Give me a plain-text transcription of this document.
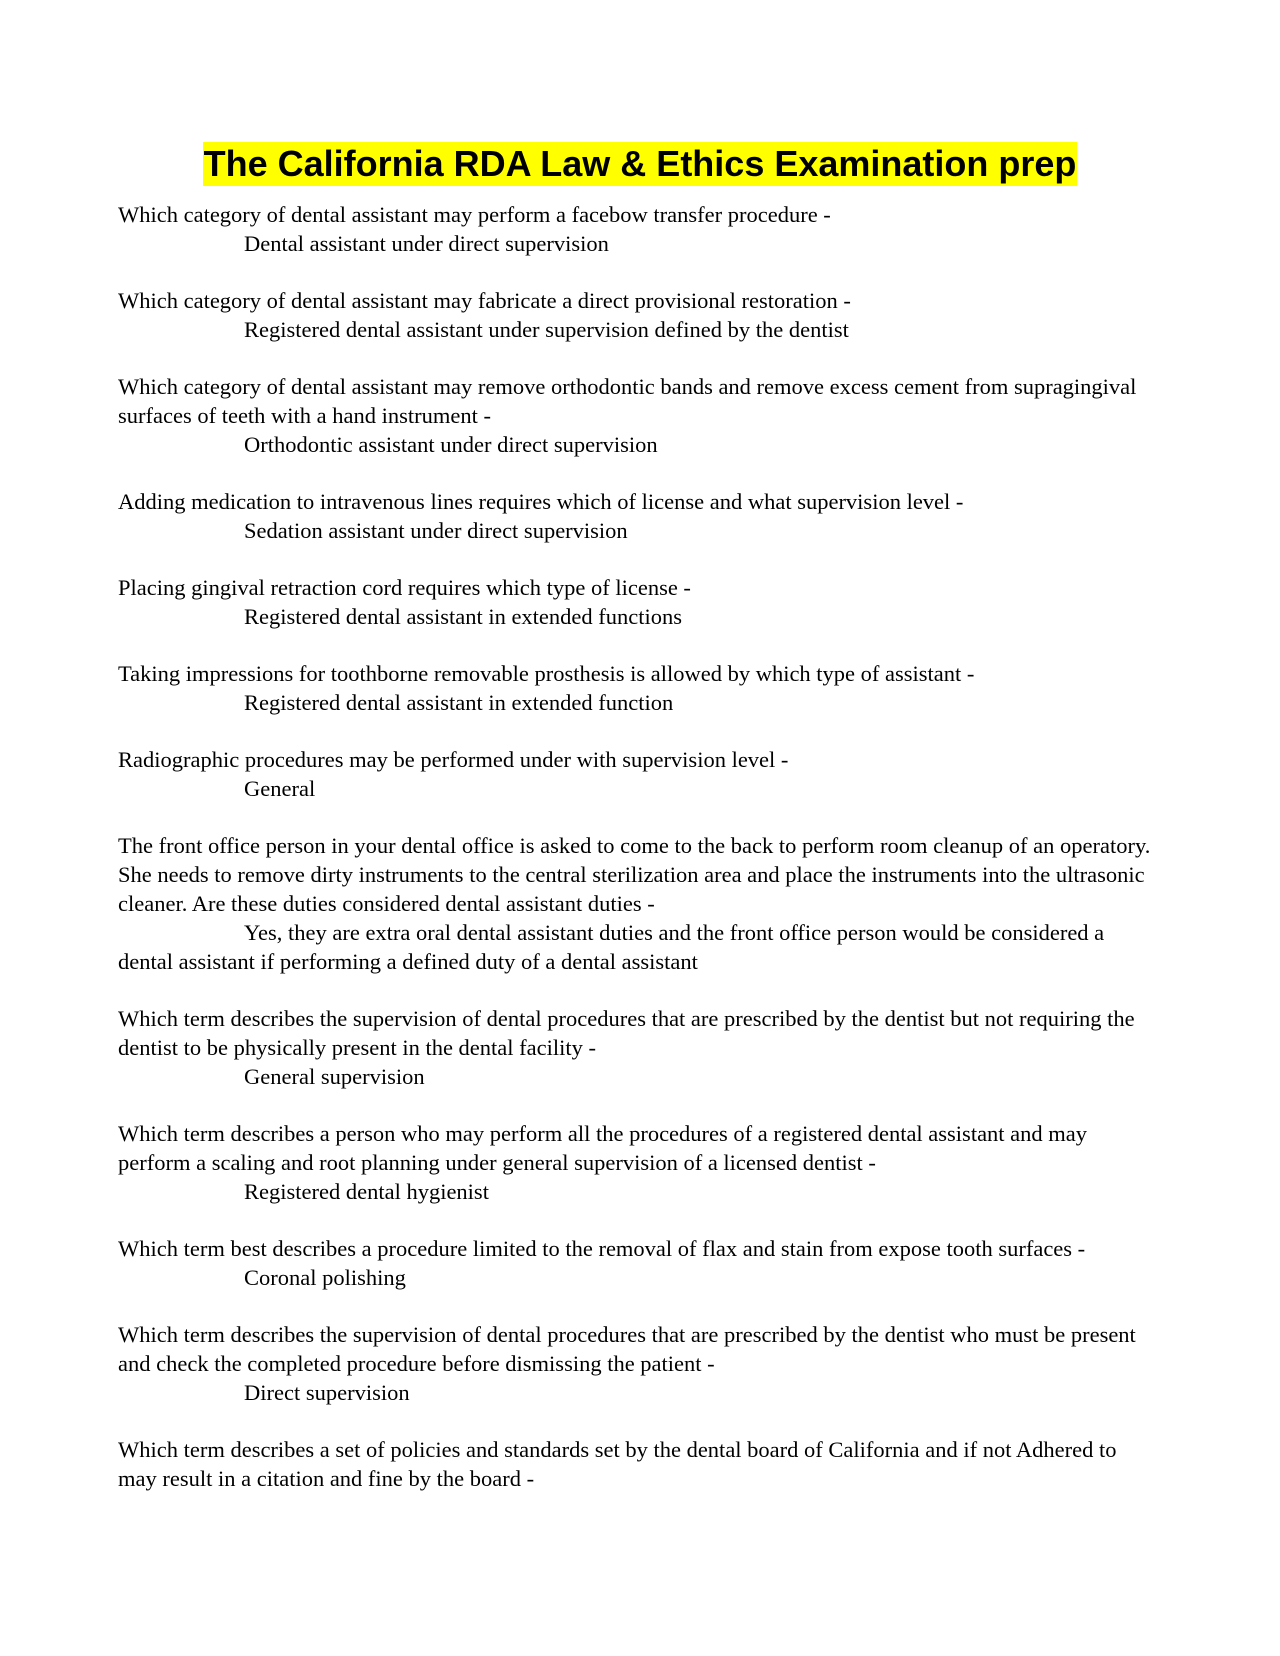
The California RDA Law & Ethics Examination prep
Which category of dental assistant may perform a facebow transfer procedure -
Dental assistant under direct supervision
Which category of dental assistant may fabricate a direct provisional restoration -
Registered dental assistant under supervision defined by the dentist
Which category of dental assistant may remove orthodontic bands and remove excess cement from supragingival surfaces of teeth with a hand instrument -
Orthodontic assistant under direct supervision
Adding medication to intravenous lines requires which of license and what supervision level -
Sedation assistant under direct supervision
Placing gingival retraction cord requires which type of license -
Registered dental assistant in extended functions
Taking impressions for toothborne removable prosthesis is allowed by which type of assistant -
Registered dental assistant in extended function
Radiographic procedures may be performed under with supervision level -
General
The front office person in your dental office is asked to come to the back to perform room cleanup of an operatory. She needs to remove dirty instruments to the central sterilization area and place the instruments into the ultrasonic cleaner. Are these duties considered dental assistant duties -
Yes, they are extra oral dental assistant duties and the front office person would be considered a dental assistant if performing a defined duty of a dental assistant
Which term describes the supervision of dental procedures that are prescribed by the dentist but not requiring the dentist to be physically present in the dental facility -
General supervision
Which term describes a person who may perform all the procedures of a registered dental assistant and may perform a scaling and root planning under general supervision of a licensed dentist -
Registered dental hygienist
Which term best describes a procedure limited to the removal of flax and stain from expose tooth surfaces -
Coronal polishing
Which term describes the supervision of dental procedures that are prescribed by the dentist who must be present and check the completed procedure before dismissing the patient -
Direct supervision
Which term describes a set of policies and standards set by the dental board of California and if not Adhered to may result in a citation and fine by the board -
